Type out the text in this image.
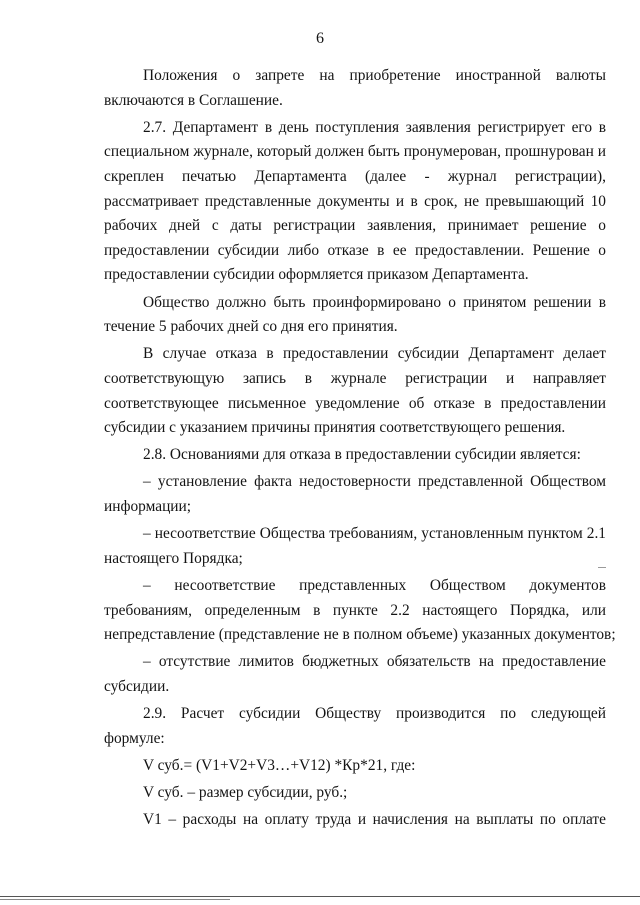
6
Положения о запрете на приобретение иностранной валюты
включаются в Соглашение.
2.7. Департамент в день поступления заявления регистрирует его в
специальном журнале, который должен быть пронумерован, прошнурован и
скреплен печатью Департамента (далее - журнал регистрации),
рассматривает представленные документы и в срок, не превышающий 10
рабочих дней с даты регистрации заявления, принимает решение о
предоставлении субсидии либо отказе в ее предоставлении. Решение о
предоставлении субсидии оформляется приказом Департамента.
Общество должно быть проинформировано о принятом решении в
течение 5 рабочих дней со дня его принятия.
В случае отказа в предоставлении субсидии Департамент делает
соответствующую запись в журнале регистрации и направляет
соответствующее письменное уведомление об отказе в предоставлении
субсидии с указанием причины принятия соответствующего решения.
2.8. Основаниями для отказа в предоставлении субсидии является:
– установление факта недостоверности представленной Обществом
информации;
– несоответствие Общества требованиям, установленным пунктом 2.1
настоящего Порядка;
– несоответствие представленных Обществом документов
требованиям, определенным в пункте 2.2 настоящего Порядка, или
непредставление (представление не в полном объеме) указанных документов;
– отсутствие лимитов бюджетных обязательств на предоставление
субсидии.
2.9. Расчет субсидии Обществу производится по следующей
формуле:
V суб.= (V1+V2+V3…+V12) *Кр*21, где:
V суб. – размер субсидии, руб.;
V1 – расходы на оплату труда и начисления на выплаты по оплате
